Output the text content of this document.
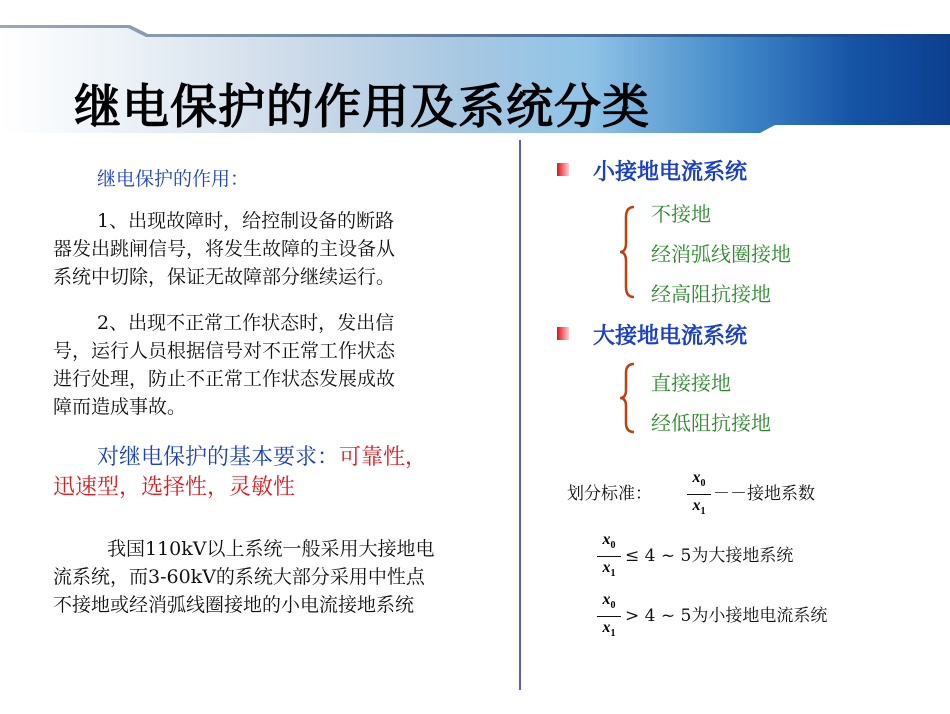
继电保护的作用及系统分类
继电保护的作用：
1、出现故障时，给控制设备的断路
器发出跳闸信号，将发生故障的主设备从
系统中切除，保证无故障部分继续运行。
2、出现不正常工作状态时，发出信
号，运行人员根据信号对不正常工作状态
进行处理，防止不正常工作状态发展成故
障而造成事故。
对继电保护的基本要求：可靠性，
迅速型，选择性，灵敏性
我国110kV以上系统一般采用大接地电
流系统，而3-60kV的系统大部分采用中性点
不接地或经消弧线圈接地的小电流接地系统
小接地电流系统
不接地
经消弧线圈接地
经高阻抗接地
大接地电流系统
直接接地
经低阻抗接地
划分标准： $\frac{x_0}{x_1}$ －－接地系数
$\frac{x_0}{x_1} \le 4$ ~ 5为大接地系统
$\frac{x_0}{x_1} > 4$ ~ 5为小接地电流系统
